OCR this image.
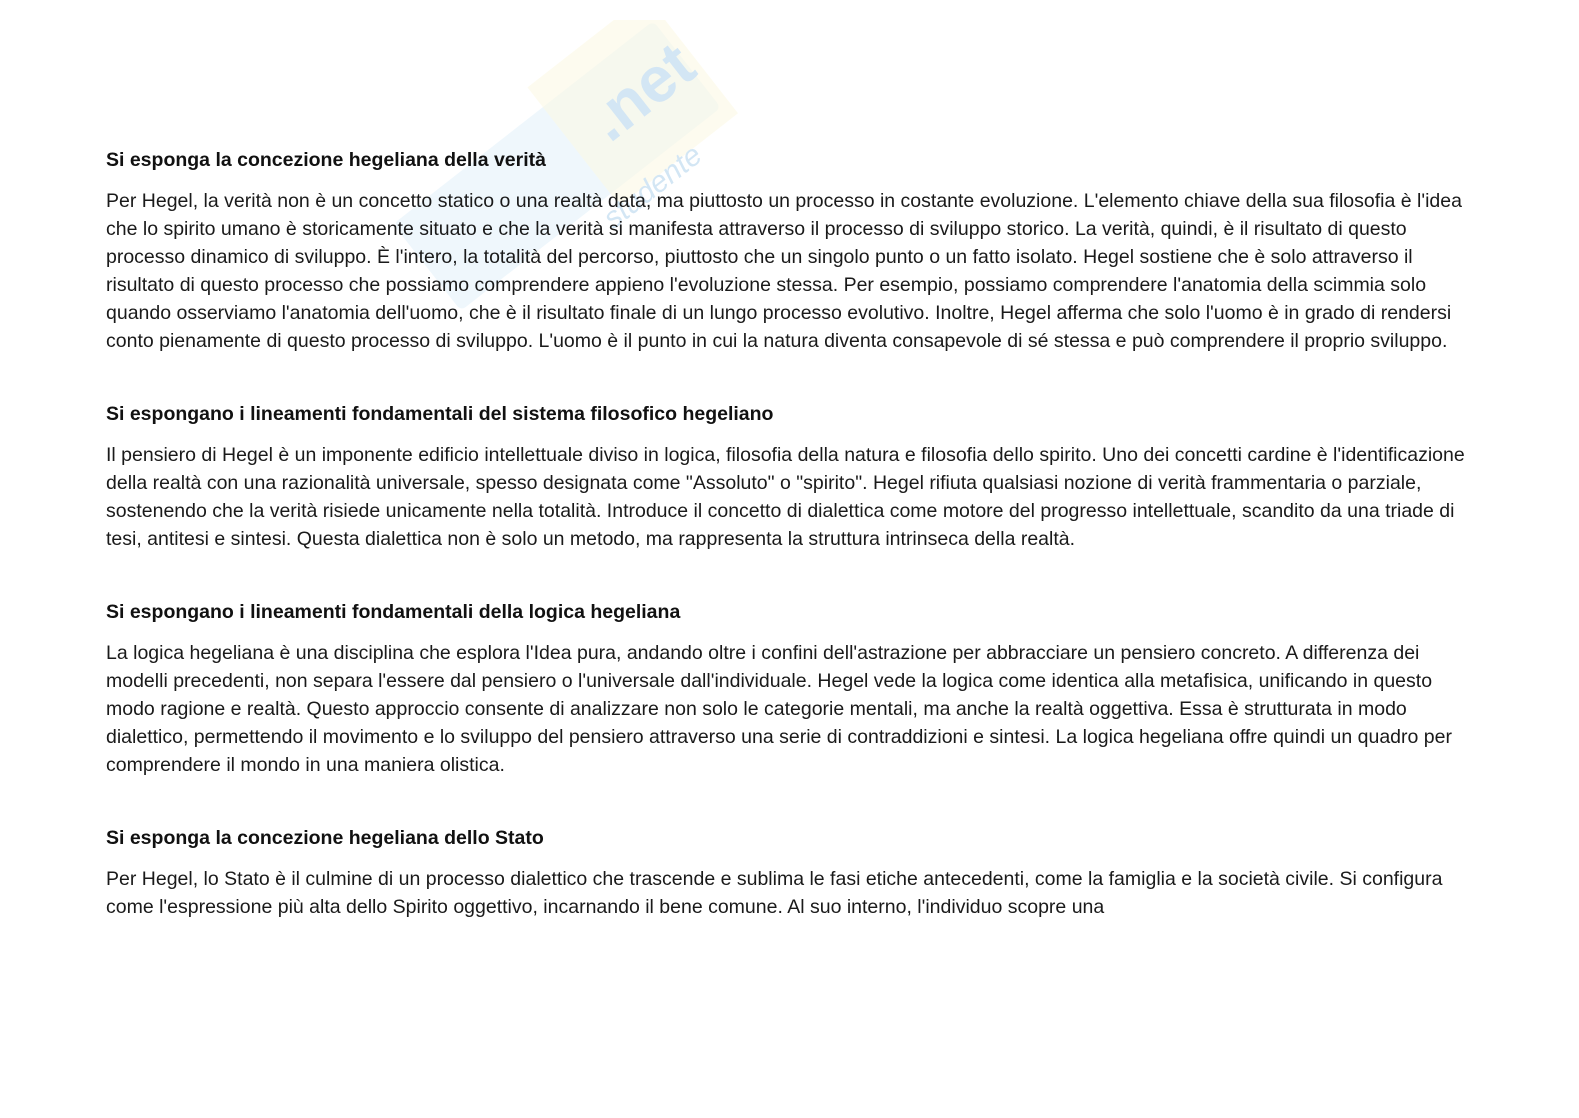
.net
studente
Si esponga la concezione hegeliana della verità

Per Hegel, la verità non è un concetto statico o una realtà data, ma piuttosto un processo in costante evoluzione. L'elemento chiave della sua filosofia è l'idea che lo spirito umano è storicamente situato e che la verità si manifesta attraverso il processo di sviluppo storico. La verità, quindi, è il risultato di questo processo dinamico di sviluppo. È l'intero, la totalità del percorso, piuttosto che un singolo punto o un fatto isolato. Hegel sostiene che è solo attraverso il risultato di questo processo che possiamo comprendere appieno l'evoluzione stessa. Per esempio, possiamo comprendere l'anatomia della scimmia solo quando osserviamo l'anatomia dell'uomo, che è il risultato finale di un lungo processo evolutivo. Inoltre, Hegel afferma che solo l'uomo è in grado di rendersi conto pienamente di questo processo di sviluppo. L'uomo è il punto in cui la natura diventa consapevole di sé stessa e può comprendere il proprio sviluppo.

Si espongano i lineamenti fondamentali del sistema filosofico hegeliano

Il pensiero di Hegel è un imponente edificio intellettuale diviso in logica, filosofia della natura e filosofia dello spirito. Uno dei concetti cardine è l'identificazione della realtà con una razionalità universale, spesso designata come "Assoluto" o "spirito". Hegel rifiuta qualsiasi nozione di verità frammentaria o parziale, sostenendo che la verità risiede unicamente nella totalità. Introduce il concetto di dialettica come motore del progresso intellettuale, scandito da una triade di tesi, antitesi e sintesi. Questa dialettica non è solo un metodo, ma rappresenta la struttura intrinseca della realtà.

Si espongano i lineamenti fondamentali della logica hegeliana

La logica hegeliana è una disciplina che esplora l'Idea pura, andando oltre i confini dell'astrazione per abbracciare un pensiero concreto. A differenza dei modelli precedenti, non separa l'essere dal pensiero o l'universale dall'individuale. Hegel vede la logica come identica alla metafisica, unificando in questo modo ragione e realtà. Questo approccio consente di analizzare non solo le categorie mentali, ma anche la realtà oggettiva. Essa è strutturata in modo dialettico, permettendo il movimento e lo sviluppo del pensiero attraverso una serie di contraddizioni e sintesi. La logica hegeliana offre quindi un quadro per comprendere il mondo in una maniera olistica.

Si esponga la concezione hegeliana dello Stato

Per Hegel, lo Stato è il culmine di un processo dialettico che trascende e sublima le fasi etiche antecedenti, come la famiglia e la società civile. Si configura come l'espressione più alta dello Spirito oggettivo, incarnando il bene comune. Al suo interno, l'individuo scopre una
